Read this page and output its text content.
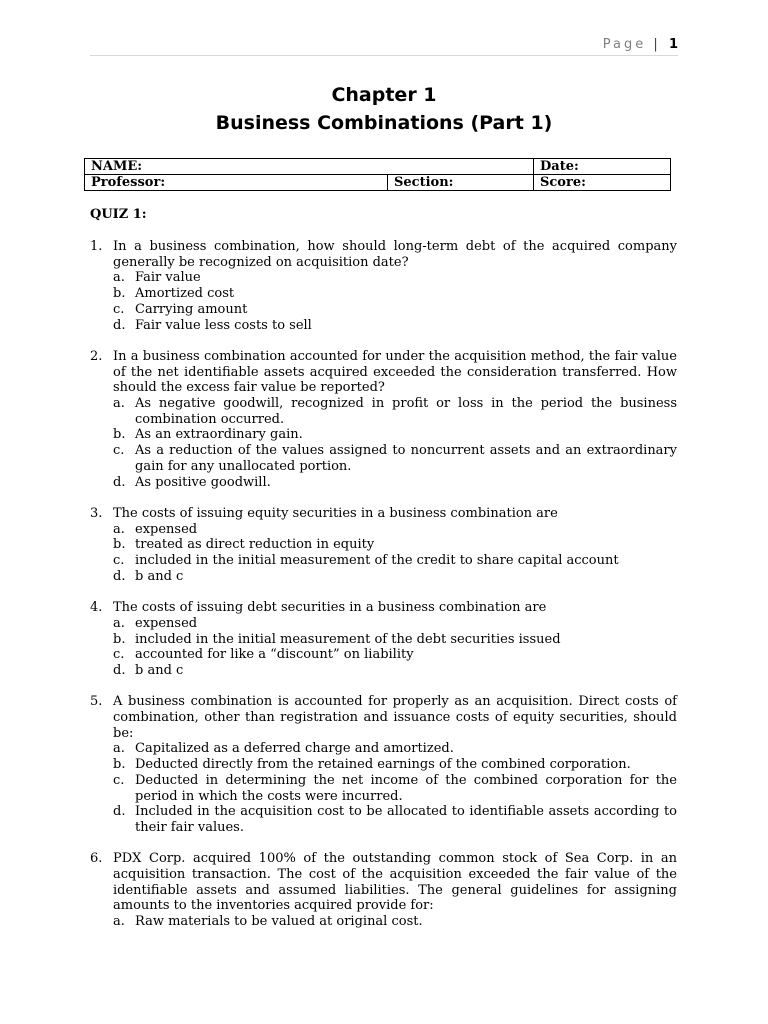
Page | 1
Chapter 1
Business Combinations (Part 1)
NAME:		Date:
Professor:	Section:	Score:
QUIZ 1:
1. In a business combination, how should long-term debt of the acquired company generally be recognized on acquisition date?
a. Fair value
b. Amortized cost
c. Carrying amount
d. Fair value less costs to sell
2. In a business combination accounted for under the acquisition method, the fair value of the net identifiable assets acquired exceeded the consideration transferred. How should the excess fair value be reported?
a. As negative goodwill, recognized in profit or loss in the period the business combination occurred.
b. As an extraordinary gain.
c. As a reduction of the values assigned to noncurrent assets and an extraordinary gain for any unallocated portion.
d. As positive goodwill.
3. The costs of issuing equity securities in a business combination are
a. expensed
b. treated as direct reduction in equity
c. included in the initial measurement of the credit to share capital account
d. b and c
4. The costs of issuing debt securities in a business combination are
a. expensed
b. included in the initial measurement of the debt securities issued
c. accounted for like a “discount” on liability
d. b and c
5. A business combination is accounted for properly as an acquisition. Direct costs of combination, other than registration and issuance costs of equity securities, should be:
a. Capitalized as a deferred charge and amortized.
b. Deducted directly from the retained earnings of the combined corporation.
c. Deducted in determining the net income of the combined corporation for the period in which the costs were incurred.
d. Included in the acquisition cost to be allocated to identifiable assets according to their fair values.
6. PDX Corp. acquired 100% of the outstanding common stock of Sea Corp. in an acquisition transaction. The cost of the acquisition exceeded the fair value of the identifiable assets and assumed liabilities. The general guidelines for assigning amounts to the inventories acquired provide for:
a. Raw materials to be valued at original cost.
